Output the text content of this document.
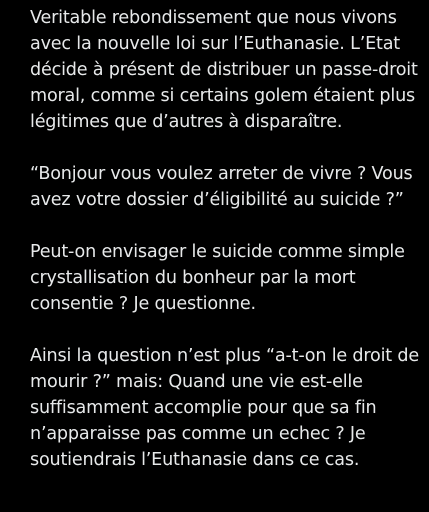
Veritable rebondissement que nous vivons
avec la nouvelle loi sur l’Euthanasie. L’Etat
décide à présent de distribuer un passe-droit
moral, comme si certains golem étaient plus
légitimes que d’autres à disparaître.

“Bonjour vous voulez arreter de vivre ? Vous
avez votre dossier d’éligibilité au suicide ?”

Peut-on envisager le suicide comme simple
crystallisation du bonheur par la mort
consentie ? Je questionne.

Ainsi la question n’est plus “a-t-on le droit de
mourir ?” mais: Quand une vie est-elle
suffisamment accomplie pour que sa fin
n’apparaisse pas comme un echec ? Je
soutiendrais l’Euthanasie dans ce cas.
